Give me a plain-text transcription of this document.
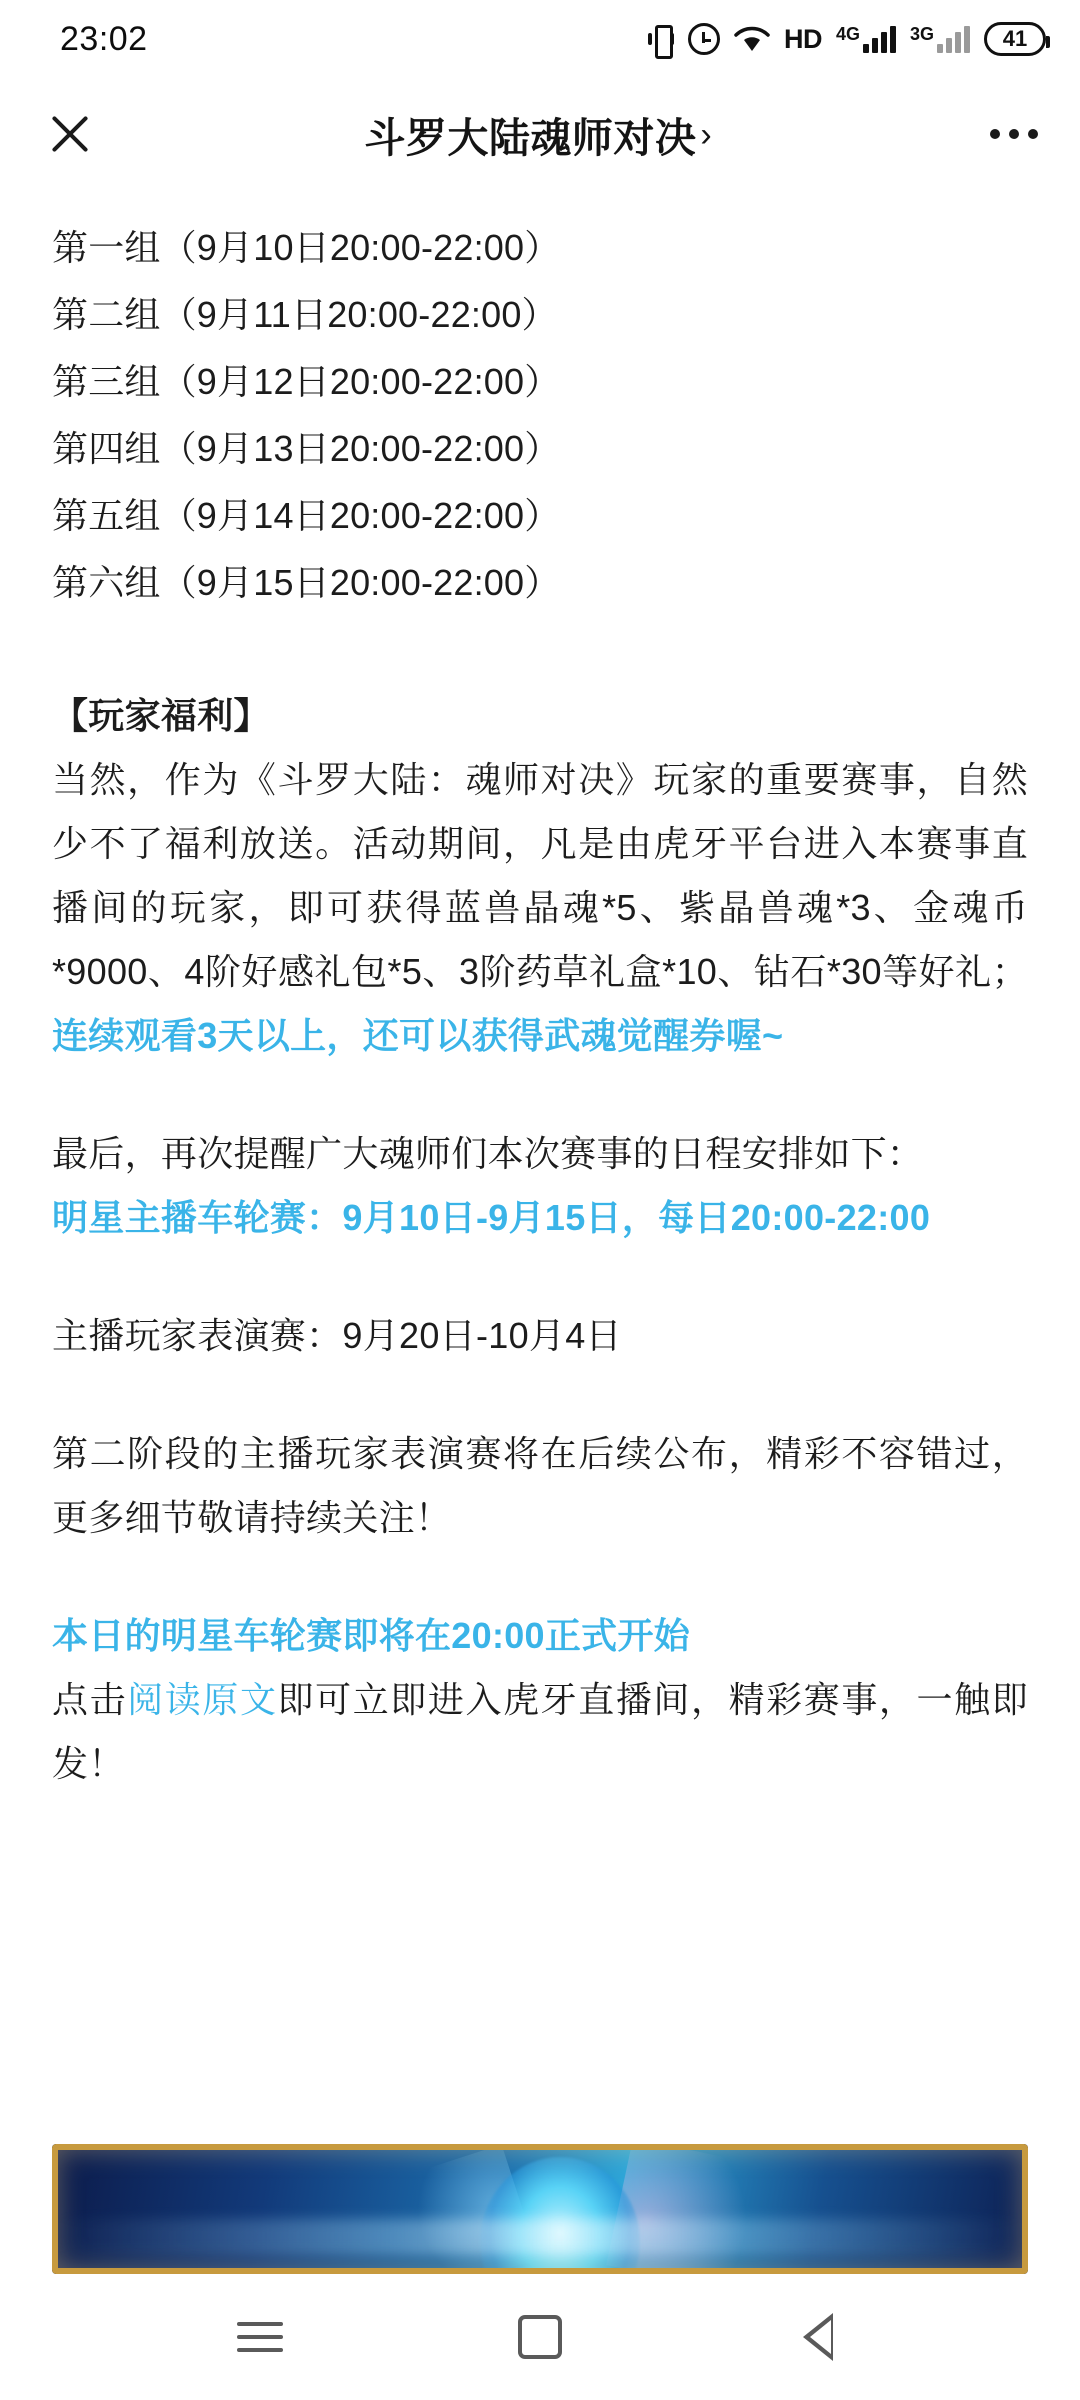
23:02	HD 4G	3G	41
斗罗大陆魂师对决 ›
第一组（9月10日20:00-22:00）
第二组（9月11日20:00-22:00）
第三组（9月12日20:00-22:00）
第四组（9月13日20:00-22:00）
第五组（9月14日20:00-22:00）
第六组（9月15日20:00-22:00）
【玩家福利】
当然，作为《斗罗大陆：魂师对决》玩家的重要赛事，自然少不了福利放送。活动期间，凡是由虎牙平台进入本赛事直播间的玩家，即可获得蓝兽晶魂*5、紫晶兽魂*3、金魂币*9000、4阶好感礼包*5、3阶药草礼盒*10、钻石*30等好礼；连续观看3天以上，还可以获得武魂觉醒券喔~
最后，再次提醒广大魂师们本次赛事的日程安排如下：
明星主播车轮赛：9月10日-9月15日，每日20:00-22:00
主播玩家表演赛：9月20日-10月4日
第二阶段的主播玩家表演赛将在后续公布，精彩不容错过，更多细节敬请持续关注！
本日的明星车轮赛即将在20:00正式开始
点击阅读原文即可立即进入虎牙直播间，精彩赛事，一触即发！
